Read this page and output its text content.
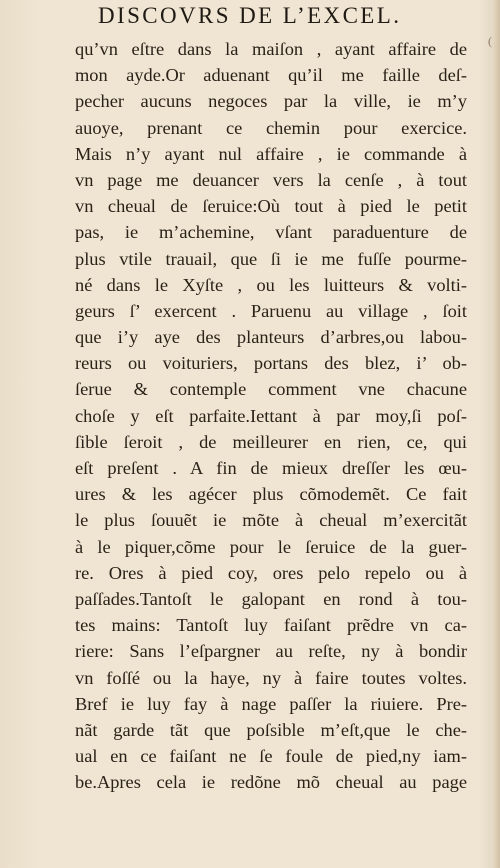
DISCOVRS DE L’EXCEL.
(
qu’vn eſtre dans la maiſon , ayant affaire de
mon ayde.Or aduenant qu’il me faille deſ-
pecher aucuns negoces par la ville, ie m’y
auoye, prenant ce chemin pour exercice.
Mais n’y ayant nul affaire , ie commande à
vn page me deuancer vers la cenſe , à tout
vn cheual de ſeruice:Où tout à pied le petit
pas, ie m’achemine, vſant paraduenture de
plus vtile trauail, que ſi ie me fuſſe pourme-
né dans le Xyſte , ou les luitteurs & volti-
geurs ſ’ exercent . Paruenu au village , ſoit
que i’y aye des planteurs d’arbres,ou labou-
reurs ou voituriers, portans des blez, i’ ob-
ſerue & contemple comment vne chacune
choſe y eſt parfaite.Iettant à par moy,ſi poſ-
ſible ſeroit , de meilleurer en rien, ce, qui
eſt preſent . A fin de mieux dreſſer les œu-
ures & les agécer plus cõmodemẽt. Ce fait
le plus ſouuẽt ie mõte à cheual m’exercitãt
à le piquer,cõme pour le ſeruice de la guer-
re. Ores à pied coy, ores pelo repelo ou à
paſſades.Tantoſt le galopant en rond à tou-
tes mains: Tantoſt luy faiſant prẽdre vn ca-
riere: Sans l’eſpargner au reſte, ny à bondir
vn foſſé ou la haye, ny à faire toutes voltes.
Bref ie luy fay à nage paſſer la riuiere. Pre-
nãt garde tãt que poſsible m’eſt,que le che-
ual en ce faiſant ne ſe foule de pied,ny iam-
be.Apres cela ie redõne mõ cheual au page
